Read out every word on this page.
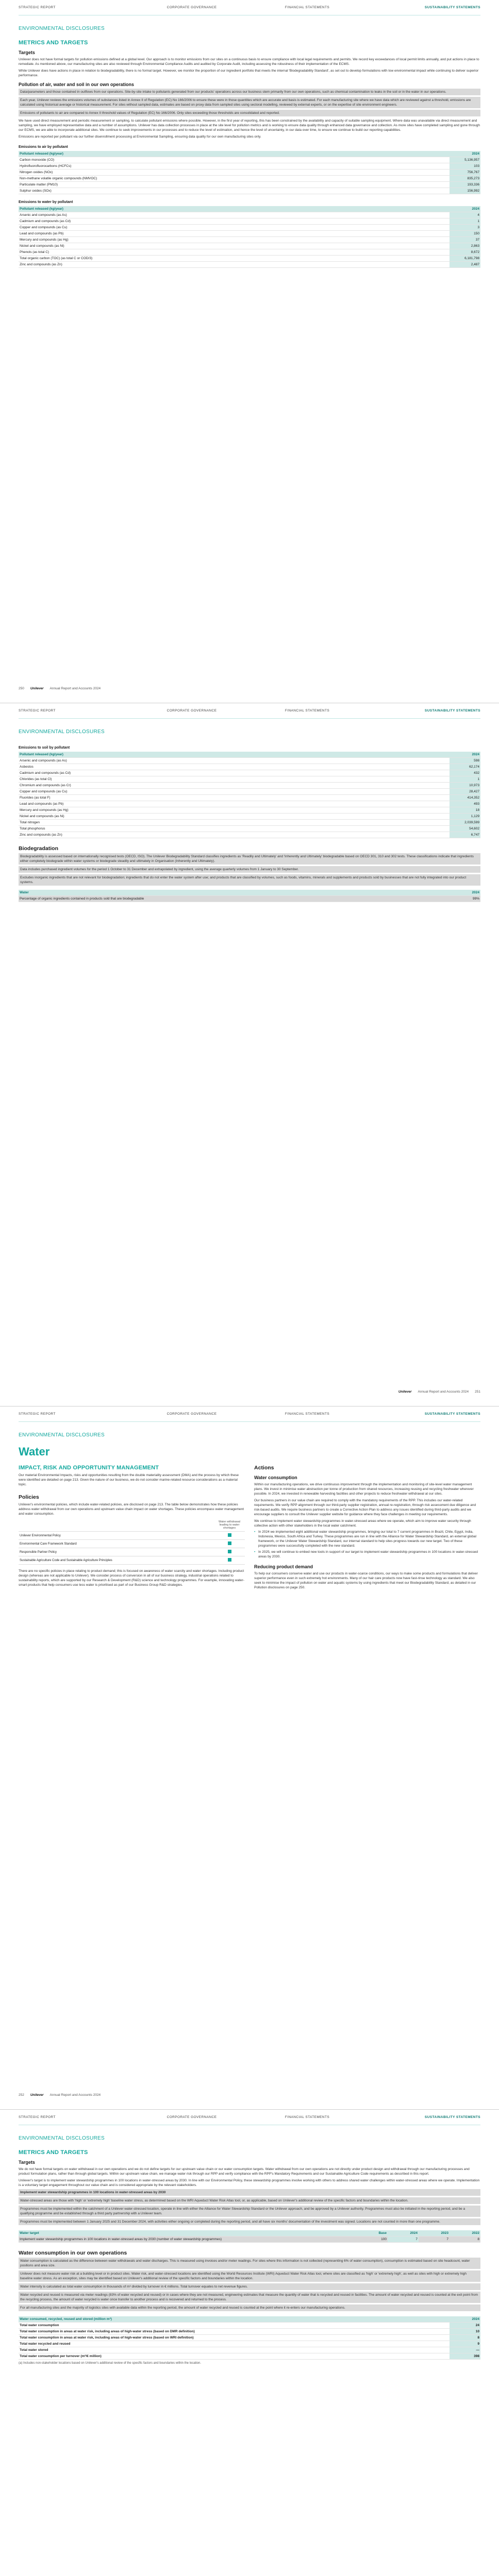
STRATEGIC REPORT	CORPORATE GOVERNANCE	FINANCIAL STATEMENTS	SUSTAINABILITY STATEMENTS
ENVIRONMENTAL DISCLOSURES
METRICS AND TARGETS
Targets

Unilever does not have formal targets for pollution emissions defined at a global level. Our approach is to monitor emissions from our sites on a continuous basis to ensure compliance with local legal requirements and permits. We record key exceedances of local permit limits annually, and put actions in place to remediate. As mentioned above, our manufacturing sites are also reviewed through Environmental Compliance Audits and audited by Corporate Audit, including assessing the robustness of their implementation of the ECMS.

While Unilever does have actions in place in relation to biodegradability, there is no formal target. However, we monitor the proportion of our ingredient portfolio that meets the internal 'Biodegradability Standard', as set out to develop formulations with low environmental impact while continuing to deliver superior performance.

Pollution of air, water and soil in our own operations

Data/parameters and those contained in outflows from our operations. Site-by-site intake to pollutants generated from our products' operations across our business stem primarily from our own operations, such as chemical contamination to leaks in the soil or in the water in our operations.

Each year, Unilever reviews the emissions volumes of substances listed in Annex II of Regulation (EC) No 166/2006 to ensure these were in those quantities which are accurate and basis is estimated. For each manufacturing site where we have data which are reviewed against a threshold, emissions are calculated using historical average or historical measurement. For sites without sampled data, estimates are based on proxy data from sampled sites using sectoral modelling, reviewed by external experts, or on the expertise of site environment engineers.

Emissions of pollutants to air are compared to Annex II threshold values of Regulation (EC) No 166/2006. Only sites exceeding those thresholds are consolidated and reported.

We have used direct measurement and periodic measurement or sampling, to calculate pollutant emissions where possible. However, in the first year of reporting, this has been constrained by the availability and capacity of suitable sampling equipment. Where data was unavailable via direct measurement and sampling, we have employed representative data and a number of assumptions. Unilever has data collection processes in place at the site level for pollution metrics and is working to ensure data quality through enhanced data governance and collection. As more sites have completed sampling and gone through our ECMS, we are able to incorporate additional sites. We continue to seek improvements in our processes and to reduce the level of estimation, and hence the level of uncertainty, in our data over time, to ensure we continue to build our reporting capabilities.

Emissions are reported per pollutant via our further disenrollment processing at Environmental Sampling, ensuring data quality for our own manufacturing sites only.

Emissions to air by pollutant
Pollutant released (kg/year)	2024
Carbon monoxide (CO)	5,136,957
Hydrofluorofluorocarbons (HCFCs)	103
Nitrogen oxides (NOx)	756,767
Non-methane volatile organic compounds (NMVOC)	835,273
Particulate matter (PM10)	193,336
Sulphur oxides (SOx)	156,992
Emissions to water by pollutant
Pollutant released (kg/year)	2024
Arsenic and compounds (as As)	4
Cadmium and compounds (as Cd)	1
Copper and compounds (as Cu)	3
Lead and compounds (as Pb)	150
Mercury and compounds (as Hg)	37
Nickel and compounds (as Ni)	2,863
Phenols (as total C)	8,672
Total organic carbon (TOC) (as total C or COD/3)	6,181,798
Zinc and compounds (as Zn)	2,487
250 Unilever Annual Report and Accounts 2024
STRATEGIC REPORT	CORPORATE GOVERNANCE	FINANCIAL STATEMENTS	SUSTAINABILITY STATEMENTS
ENVIRONMENTAL DISCLOSURES
Emissions to soil by pollutant
Pollutant released (kg/year)	2024
Arsenic and compounds (as As)	598
Asbestos	62,174
Cadmium and compounds (as Cd)	432
Chlorides (as total Cl)	1
Chromium and compounds (as Cr)	10,973
Copper and compounds (as Cu)	28,427
Fluorides (as total F)	414,352
Lead and compounds (as Pb)	493
Mercury and compounds (as Hg)	18
Nickel and compounds (as Ni)	1,129
Total nitrogen	2,039,599
Total phosphorus	54,602
Zinc and compounds (as Zn)	6,747
Biodegradation

Biodegradability is assessed based on internationally recognised tests (OECD, ISO). The Unilever Biodegradability Standard classifies ingredients as 'Readily and Ultimately' and 'Inherently and Ultimately' biodegradable based on OECD 301, 310 and 302 tests. These classifications indicate that ingredients either completely biodegrade within water systems or biodegrade steadily and ultimately in Organisation (Inherently and Ultimately).

Data includes purchased ingredient volumes for the period 1 October to 31 December and extrapolated by ingredient, using the average quarterly volumes from 1 January to 30 September.

Excludes inorganic ingredients that are not relevant for biodegradation; ingredients that do not enter the water system after use; and products that are classified by volumes, such as foods, vitamins, minerals and supplements and products sold by businesses that are not fully integrated into our product systems.

Water	2024
Percentage of organic ingredients contained in products sold that are biodegradable	99%
Unilever Annual Report and Accounts 2024 251
STRATEGIC REPORT	CORPORATE GOVERNANCE	FINANCIAL STATEMENTS	SUSTAINABILITY STATEMENTS
ENVIRONMENTAL DISCLOSURES
Water
IMPACT, RISK AND OPPORTUNITY MANAGEMENT

Our material Environmental Impacts, risks and opportunities resulting from the double materiality assessment (DMA) and the process by which these were identified are detailed on page 213. Given the nature of our business, we do not consider marine-related resource considerations as a material topic.

Policies

Unilever's environmental policies, which include water-related policies, are disclosed on page 213. The table below demonstrates how these policies address water withdrawal from our own operations and upstream value chain impact on water shortages. These policies encompass water management and water consumption.

	Water withdrawal leading to water shortages
Unilever Environmental Policy	
Environmental Care Framework Standard	
Responsible Partner Policy	
Sustainable Agriculture Code and Sustainable Agriculture Principles	

There are no specific policies in place relating to product demand; this is focused on awareness of water scarcity and water shortages. Including product design (whereas are not applicable to Unilever). We consider process of conversion in all of our business strategy, industrial operations related to sustainability reports, which are supported by our Research & Development (R&D) science and technology programmes. For example, innovating water-smart products that help consumers use less water is prioritised as part of our Business Group R&D strategies.

Actions
Water consumption

Within our manufacturing operations, we drive continuous improvement through the implementation and monitoring of site-level water management plans. We invest in minimise water abstraction per tonne of production from shared resources, increasing reusing and recycling freshwater wherever possible. In 2024, we invested in renewable harvesting facilities and other projects to reduce freshwater withdrawal at our sites.

Our business partners in our value chain are required to comply with the mandatory requirements of the RPP. This includes our water-related requirements. We verify RPP alignment through our third-party supplier registration, annual re-registration, through risk assessment due diligence and risk-based audits. We require business partners to create a Corrective Action Plan to address any issues identified during third-party audits and we encourage suppliers to consult the Unilever supplier website for guidance where they face challenges in meeting our requirements.

We continue to implement water stewardship programmes in water-stressed areas where we operate, which aim to improve water security through collective action with other stakeholders in the local water catchment.

• In 2024 we implemented eight additional water stewardship programmes, bringing our total to 7 current programmes in Brazil, Chile, Egypt, India, Indonesia, Mexico, South Africa and Turkey. These programmes are run in line with the Alliance for Water Stewardship Standard, an external global framework, or the Unilever Water Stewardship Standard, our internal standard to help sites progress towards our new target. Two of these programmes were successfully completed with the new standard.
• In 2025, we will continue to embed new tools in support of our target to implement water stewardship programmes in 100 locations in water-stressed areas by 2030.
Reducing product demand

To help our consumers conserve water and use our products in water-scarce conditions, our ways to make some products and formulations that deliver superior performance even in such extremely hot environments. Many of our hair care products now have fast-rinse technology as standard. We also seek to minimise the impact of pollution on water and aquatic systems by using ingredients that meet our Biodegradability Standard, as detailed in our Pollution disclosures on page 250.

252 Unilever Annual Report and Accounts 2024
STRATEGIC REPORT	CORPORATE GOVERNANCE	FINANCIAL STATEMENTS	SUSTAINABILITY STATEMENTS
ENVIRONMENTAL DISCLOSURES
METRICS AND TARGETS
Targets

We do not have formal targets on water withdrawal in our own operations and we do not define targets for our upstream value chain or our water consumption targets. Water withdrawal from our own operations are not directly under product design and withdrawal through our manufacturing processes and product formulation plans, rather than through global targets. Within our upstream value chain, we manage water risk through our RPP and verify compliance with the RPP's Mandatory Requirements and our Sustainable Agriculture Code requirements as described in this report.

Unilever's target is to implement water stewardship programmes in 100 locations in water-stressed areas by 2030. In line with our Environmental Policy, these stewardship programmes involve working with others to address shared water challenges within water-stressed areas where we operate. Implementation is a voluntary target engagement throughout our value chain and is considered appropriate by the relevant stakeholders.

Implement water stewardship programmes in 100 locations in water-stressed areas by 2030

Water-stressed areas are those with 'high' or 'extremely high' baseline water stress, as determined based on the WRI Aqueduct Water Risk Atlas tool, or, as applicable, based on Unilever's additional review of the specific factors and boundaries within the location.

Programmes must be implemented within the catchment of a Unilever water-stressed location, operate in line with either the Alliance for Water Stewardship Standard or the Unilever approach, and be approved by a Unilever authority. Programmes must also be initiated in the reporting period, and be a qualifying programme and be established through a third party partnership with a Unilever team.

Programmes must be implemented between 1 January 2025 and 31 December 2024, with activities either ongoing or completed during the reporting period, and all have six months' documentation of the investment was signed. Locations are not counted in more than one programme.

Water target	Base	2024	2023	2022
Implement water stewardship programmes in 100 locations in water-stressed areas by 2030 (number of water stewardship programmes)	100	7	7	8
Water consumption in our own operations

Water consumption is calculated as the difference between water withdrawals and water discharges. This is measured using invoices and/or meter readings. For sites where this information is not collected (representing 6% of water consumption), consumption is estimated based on site headcount, water positions and area size.

Unilever does not measure water risk at a building level or in product sites. Water risk, and water-stressed locations are identified using the World Resources Institute (WRI) Aqueduct Water Risk Atlas tool, where sites are classified as 'high' or 'extremely high', as well as sites with high or extremely high baseline water stress. As an exception, sites may be identified based on Unilever's additional review of the specific factors and boundaries within the location.

Water intensity is calculated as total water consumption in thousands of m³ divided by turnover in € millions. Total turnover equates to net revenue figures.

Water recycled and reused is measured via meter readings (83% of water recycled and reused) or in cases where they are not measured, engineering estimates that measure the quantity of water that is recycled and reused in facilities. The amount of water recycled and reused is counted at the exit point from the recycling process, the amount of water recycled is water once transfer to another process and is recovered and returned to the process.

For all manufacturing sites and the majority of logistics sites with available data within the reporting period, the amount of water recycled and reused is counted at the point where it re-enters our manufacturing operations.

Water consumed, recycled, reused and stored (million m³)	2024
Total water consumption	24
Total water consumption in areas at water risk, including areas of high-water stress (based on DMR definition)	10
Total water consumption in areas at water risk, including areas of high-water stress (based on WRI definition)	8
Total water recycled and reused	9
Total water stored	—
Total water consumption per turnover (m³/€ million)	398

(a) Includes non-stakeholder locations based on Unilever's additional review of the specific factors and boundaries within the location.
